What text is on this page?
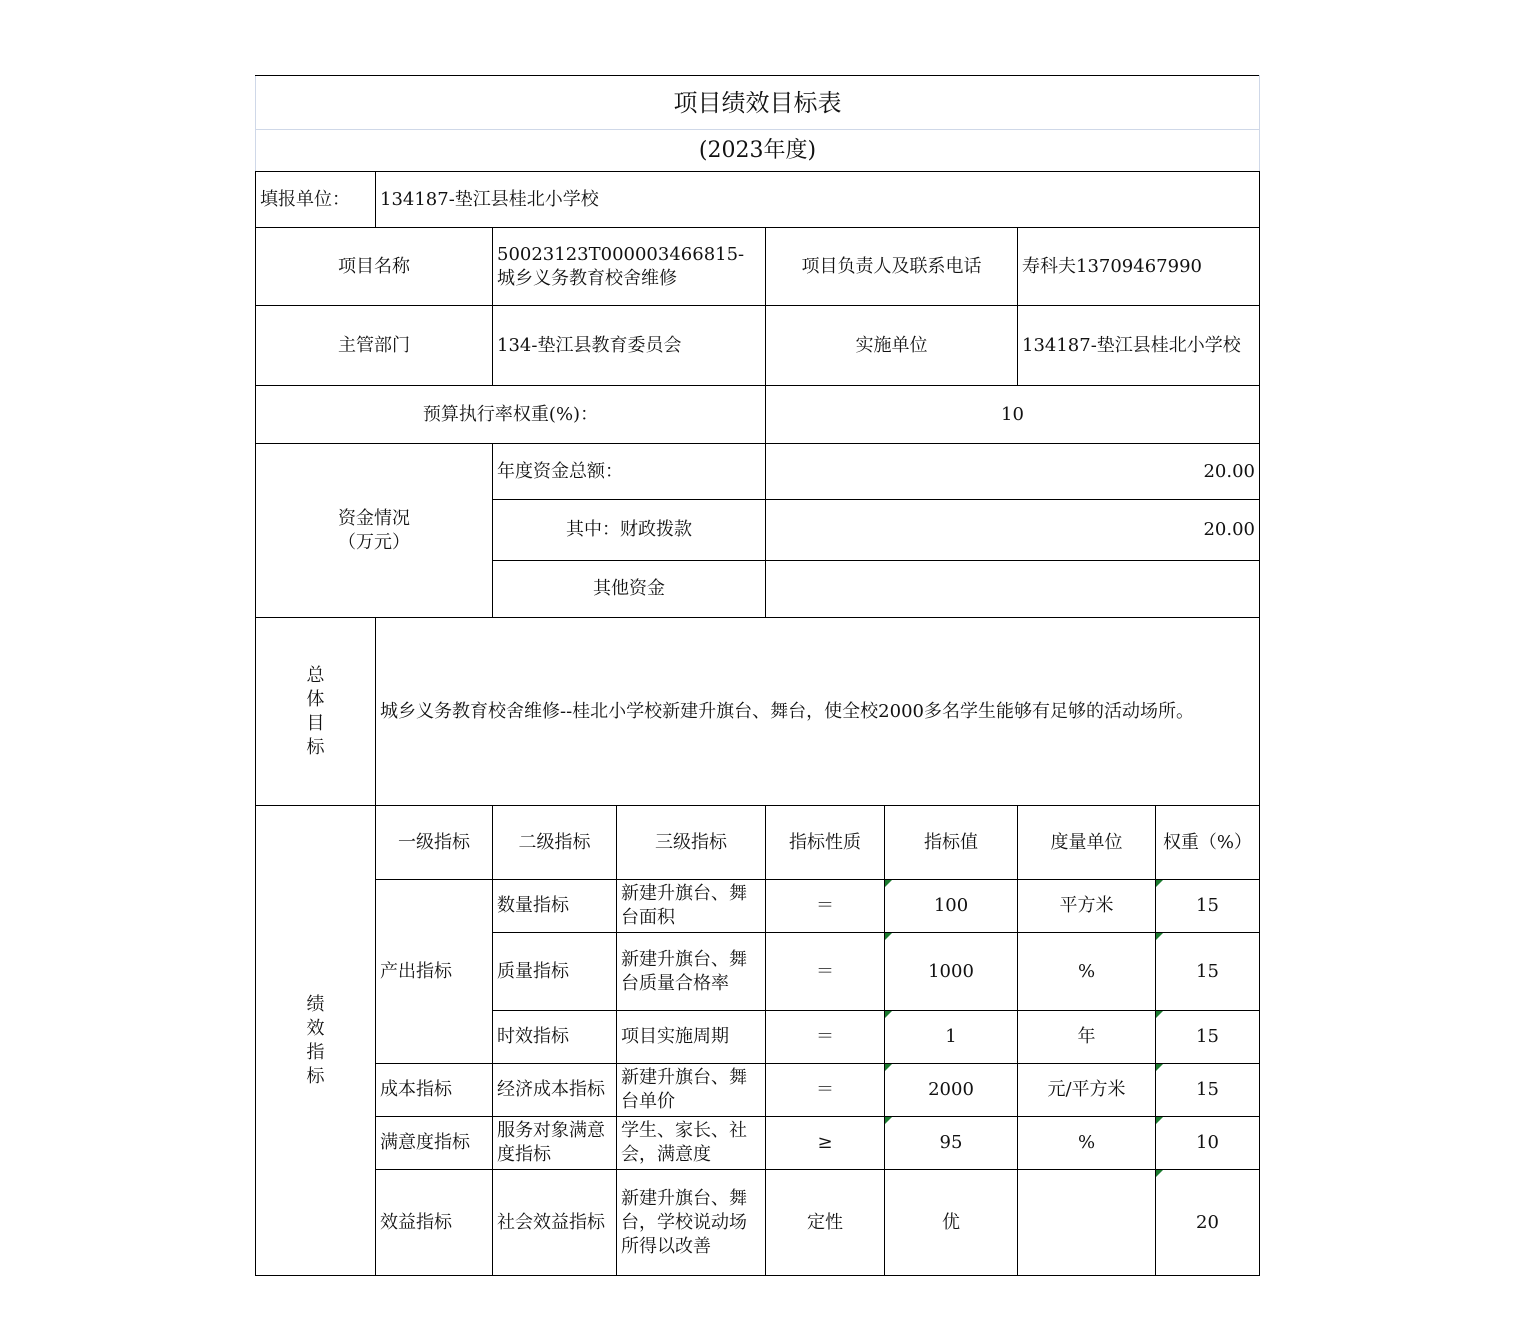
项目绩效目标表							
(2023年度)							
填报单位：	134187-垫江县桂北小学校						
项目名称		50023123T000003466815-城乡义务教育校舍维修		项目负责人及联系电话		寿科夫13709467990	
主管部门		134-垫江县教育委员会		实施单位		134187-垫江县桂北小学校	
预算执行率权重(%)：				10			

资金情况
（万元）		年度资金总额：		20.00			
		其中：财政拨款		20.00			
		其他资金					

总
体
目
标	城乡义务教育校舍维修--桂北小学校新建升旗台、舞台，使全校2000多名学生能够有足够的活动场所。						

绩
效
指
标	一级指标	二级指标	三级指标	指标性质	指标值	度量单位	权重（%）
	产出指标	数量指标	新建升旗台、舞台面积	＝	100	平方米	15
		质量指标	新建升旗台、舞台质量合格率	＝	1000	%	15
		时效指标	项目实施周期	＝	1	年	15
	成本指标	经济成本指标	新建升旗台、舞台单价	＝	2000	元/平方米	15
	满意度指标	服务对象满意度指标	学生、家长、社会，满意度	≥	95	%	10
	效益指标	社会效益指标	新建升旗台、舞台，学校说动场所得以改善	定性	优		20
